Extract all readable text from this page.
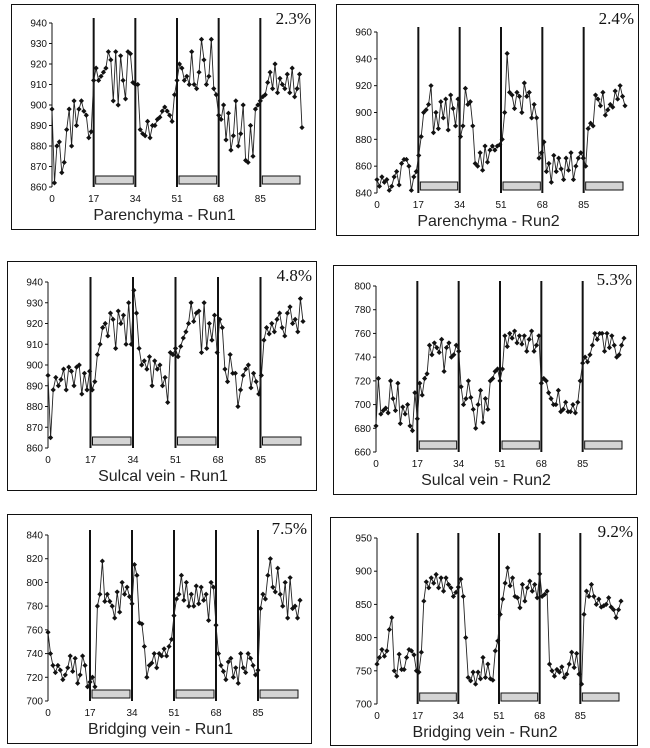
860
870
880
890
900
910
920
930
940
0	17	34	51	68	85
2.3%
Parenchyma - Run1
840
860
880
900
920
940
960
0	17	34	51	68	85
2.4%
Parenchyma - Run2
860
870
880
890
900
910
920
930
940
0	17	34	51	68	85
4.8%
Sulcal vein - Run1
660
680
700
720
740
760
780
800
0	17	34	51	68	85
5.3%
Sulcal vein - Run2
700
720
740
760
780
800
820
840
0	17	34	51	68	85
7.5%
Bridging vein - Run1
700
750
800
850
900
950
0	17	34	51	68	85
9.2%
Bridging vein - Run2
